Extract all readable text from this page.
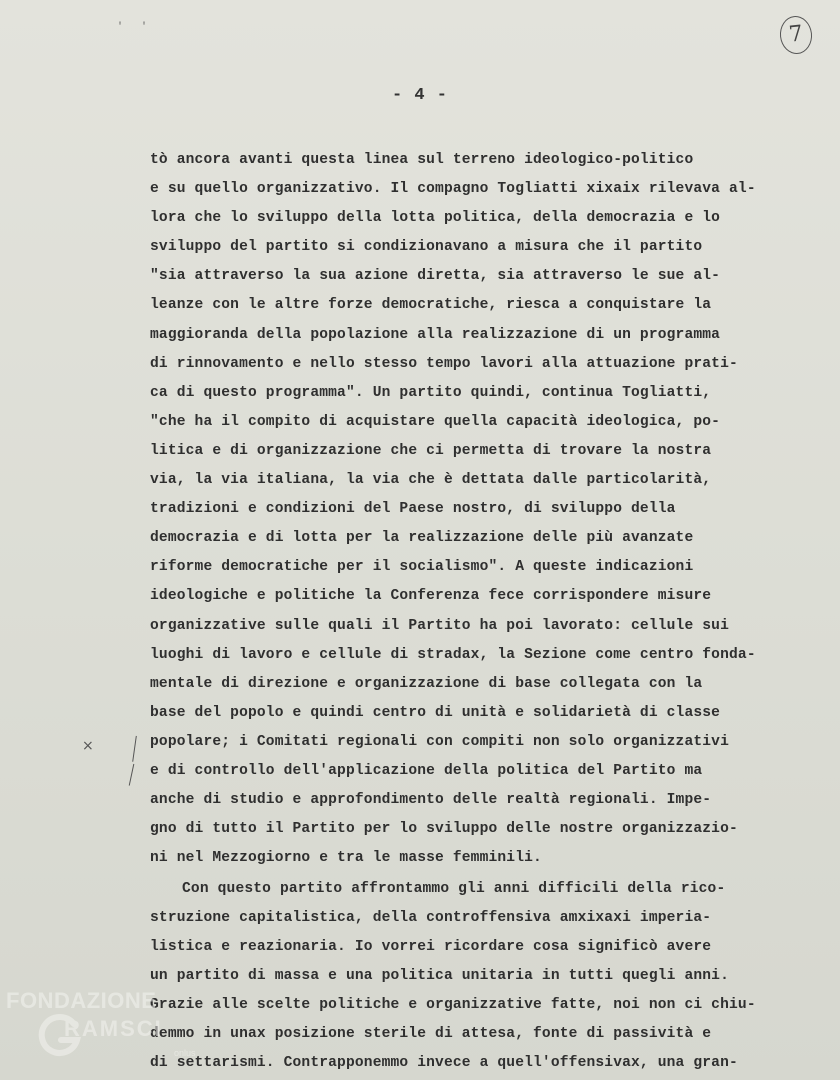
' '	7
- 4 -
tò ancora avanti questa linea sul terreno ideologico-politico
e su quello organizzativo. Il compagno Togliatti xixaix rilevava al-
lora che lo sviluppo della lotta politica, della democrazia e lo
sviluppo del partito si condizionavano a misura che il partito
"sia attraverso la sua azione diretta, sia attraverso le sue al-
leanze con le altre forze democratiche, riesca a conquistare la
maggioranda della popolazione alla realizzazione di un programma
di rinnovamento e nello stesso tempo lavori alla attuazione prati-
ca di questo programma". Un partito quindi, continua Togliatti,
"che ha il compito di acquistare quella capacità ideologica, po-
litica e di organizzazione che ci permetta di trovare la nostra
via, la via italiana, la via che è dettata dalle particolarità,
tradizioni e condizioni del Paese nostro, di sviluppo della
democrazia e di lotta per la realizzazione delle più avanzate
riforme democratiche per il socialismo". A queste indicazioni
ideologiche e politiche la Conferenza fece corrispondere misure
organizzative sulle quali il Partito ha poi lavorato: cellule sui
luoghi di lavoro e cellule di stradax, la Sezione come centro fonda-
mentale di direzione e organizzazione di base collegata con la
base del popolo e quindi centro di unità e solidarietà di classe
popolare; i Comitati regionali con compiti non solo organizzativi
e di controllo dell'applicazione della politica del Partito ma
anche di studio e approfondimento delle realtà regionali. Impe-
gno di tutto il Partito per lo sviluppo delle nostre organizzazio-
ni nel Mezzogiorno e tra le masse femminili.
Con questo partito affrontammo gli anni difficili della rico-
struzione capitalistica, della controffensiva amxixaxi imperia-
listica e reazionaria. Io vorrei ricordare cosa significò avere
un partito di massa e una politica unitaria in tutti quegli anni.
Grazie alle scelte politiche e organizzative fatte, noi non ci chiu-
demmo in unax posizione sterile di attesa, fonte di passività e
di settarismi. Contrapponemmo invece a quell'offensivax, una gran-
×
FONDAZIONE
RAMSCI
onlus
